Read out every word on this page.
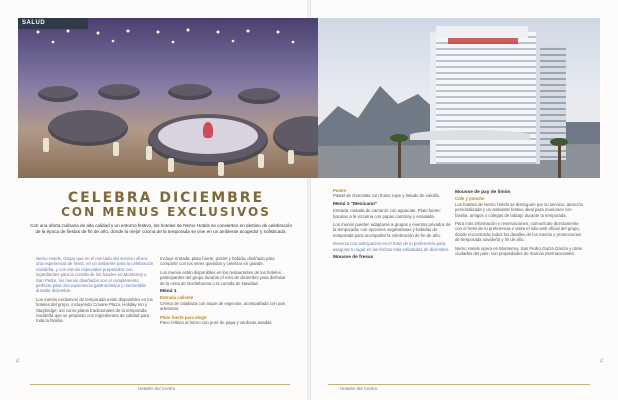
SALUD
CELEBRA DICIEMBRE
CON MENUS EXCLUSIVOS
Con una oferta culinaria de alta calidad y un entorno festivo, los hoteles de Nemo Hotels se convierten en destino de celebración de la época de fiestas de fin de año, donde la mejor cocina de la temporada se vive en un ambiente acogedor y sofisticado.

Nemo Hotels, Grupo que en el mercado del servicio ofrece una experiencia de fiesta, en un ambiente para la celebración navideña, y con menús especiales preparados con ingredientes para la comida de los hoteles en Monterrey y San Pedro, los menús diseñados son el complemento perfecto para una experiencia gastronómica y memorable durante diciembre.

Los menús exclusivos de temporada están disponibles en los hoteles del grupo, incluyendo Crowne Plaza, Holiday Inn y Staybridge; así como platos tradicionales de la temporada navideña que se preparan con ingredientes de calidad para toda la familia.

Incluye entrada, plato fuerte, postre y bebida, diseñado para compartir con los seres queridos y celebrar en grande.

Los menús están disponibles en los restaurantes de los hoteles participantes del grupo durante el mes de diciembre para disfrutar de la cena de Nochebuena o la comida de Navidad.

Menú 1
Entrada caliente

Crema de calabaza con toque de especias, acompañada con pan artesanal.

Plato fuerte para elegir

Pavo relleno al horno con puré de papa y verduras asadas.

Postre

Pastel de chocolate con frutos rojos y helado de vainilla.

Menú 2 "Mexicano"

Entrada: tostada de camarón con aguacate. Plato fuerte: bacalao a la vizcaína con papas cambray y ensalada.

Los menús pueden adaptarse a grupos y eventos privados de la temporada, con opciones vegetarianas y bebidas de temporada para acompañar la celebración de fin de año.

Reserva con anticipación en el hotel de tu preferencia para asegurar tu lugar en las fechas más solicitadas de diciembre.

Mousse de fresas
Mousse de pay de limón
Cafe y ponche

Los hoteles de Nemo Hotels se distinguen por su servicio, atención personalizada y un ambiente festivo ideal para reuniones con familia, amigos o colegas de trabajo durante la temporada.

Para más información y reservaciones, comunícate directamente con el hotel de tu preferencia o visita el sitio web oficial del grupo, donde encontrarás todos los detalles de los menús y promociones de temporada navideña y fin de año.

Nemo Hotels opera en Monterrey, San Pedro Garza García y otras ciudades del país, con propiedades de marcas internacionales.

Hoteles del Centro	Hoteles del Centro
78	79
